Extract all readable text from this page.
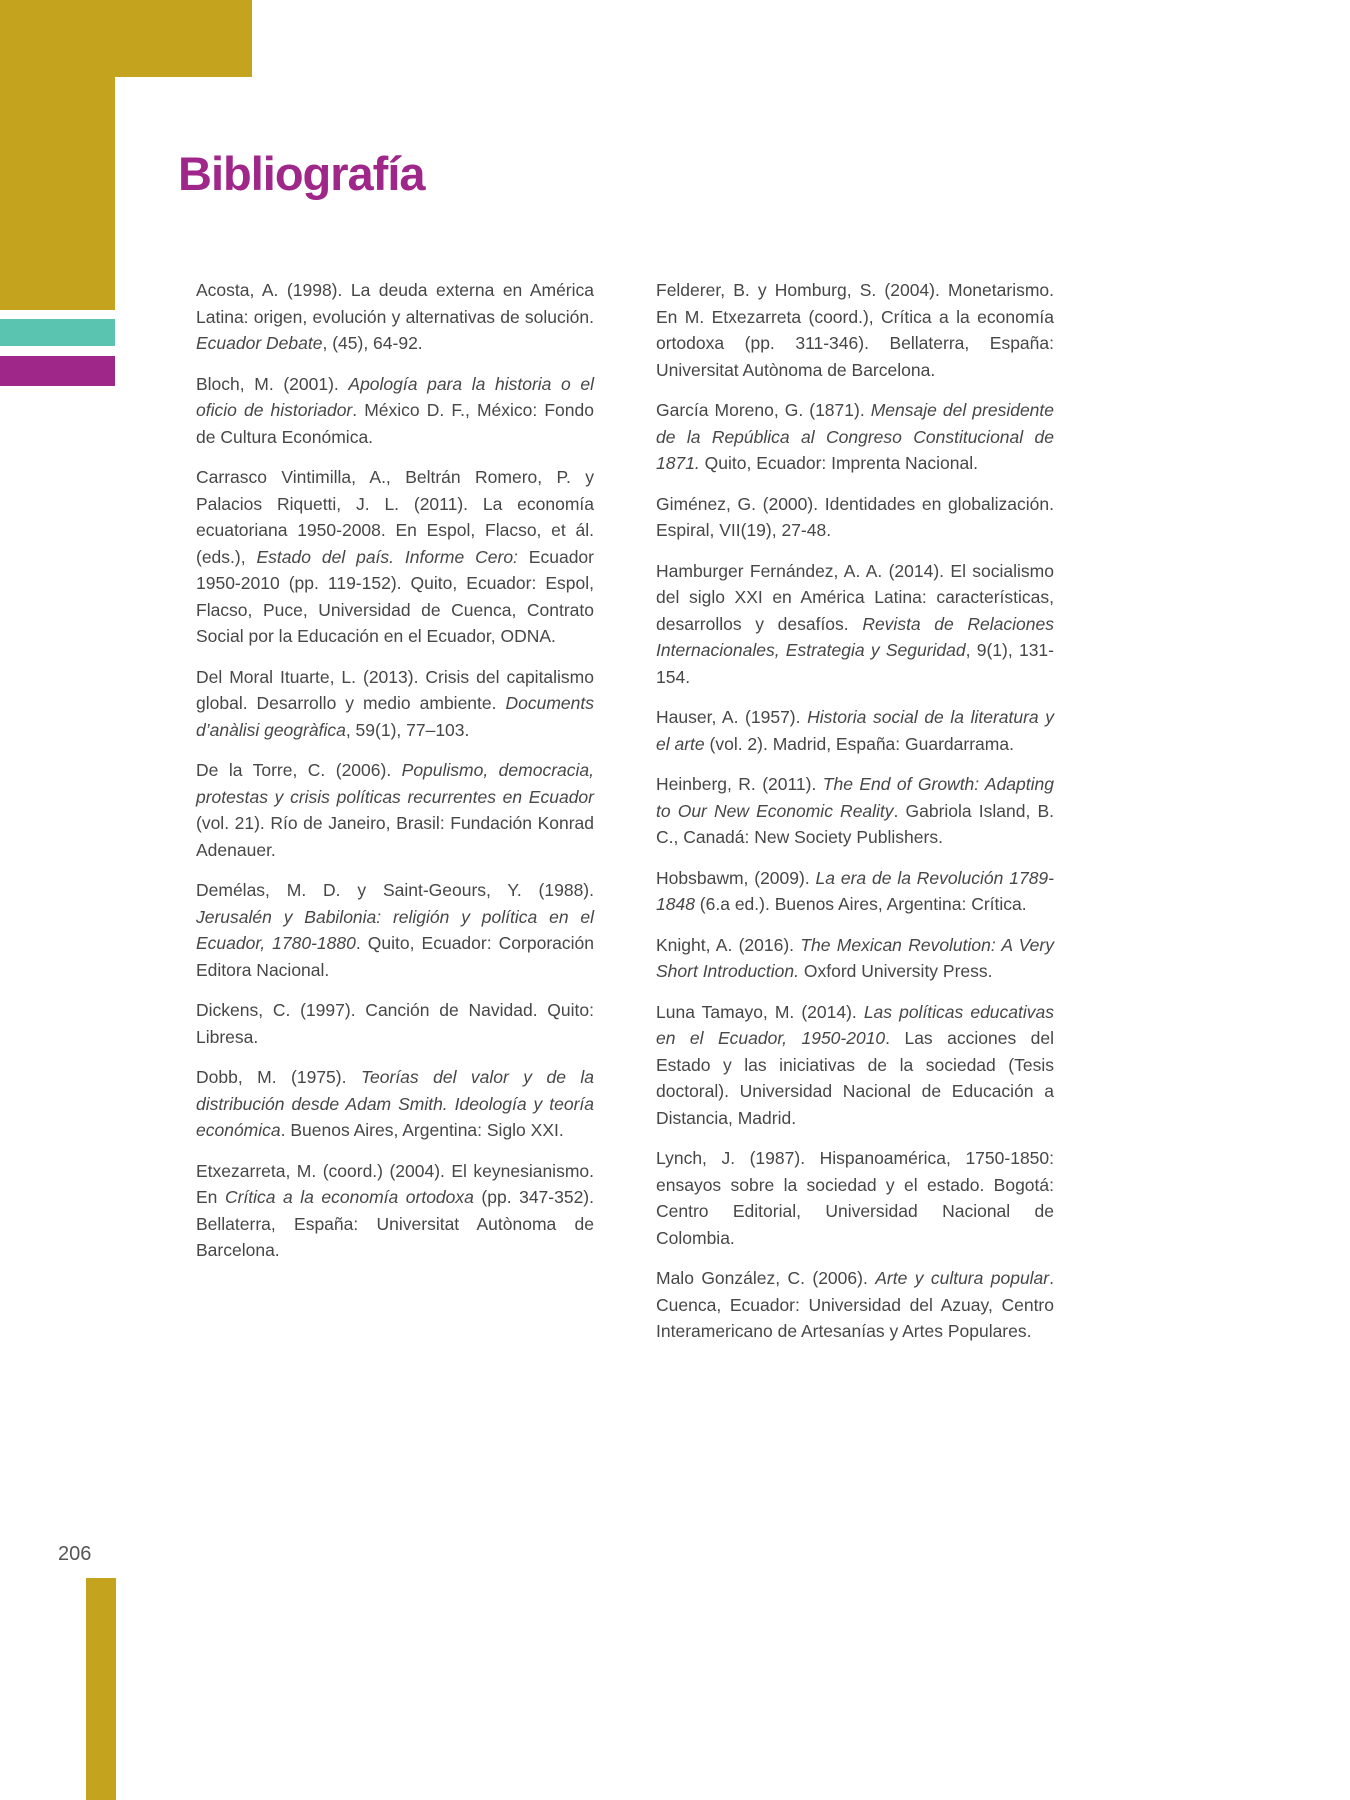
Bibliografía

Acosta, A. (1998). La deuda externa en América Latina: origen, evolución y alternativas de solución. Ecuador Debate, (45), 64-92.

Bloch, M. (2001). Apología para la historia o el oficio de historiador. México D. F., México: Fondo de Cultura Económica.

Carrasco Vintimilla, A., Beltrán Romero, P. y Palacios Riquetti, J. L. (2011). La economía ecuatoriana 1950-2008. En Espol, Flacso, et ál. (eds.), Estado del país. Informe Cero: Ecuador 1950-2010 (pp. 119-152). Quito, Ecuador: Espol, Flacso, Puce, Universidad de Cuenca, Contrato Social por la Educación en el Ecuador, ODNA.

Del Moral Ituarte, L. (2013). Crisis del capitalismo global. Desarrollo y medio ambiente. Documents d’anàlisi geogràfica, 59(1), 77–103.

De la Torre, C. (2006). Populismo, democracia, protestas y crisis políticas recurrentes en Ecuador (vol. 21). Río de Janeiro, Brasil: Fundación Konrad Adenauer.

Demélas, M. D. y Saint-Geours, Y. (1988). Jerusalén y Babilonia: religión y política en el Ecuador, 1780-1880. Quito, Ecuador: Corporación Editora Nacional.

Dickens, C. (1997). Canción de Navidad. Quito: Libresa.

Dobb, M. (1975). Teorías del valor y de la distribución desde Adam Smith. Ideología y teoría económica. Buenos Aires, Argentina: Siglo XXI.

Etxezarreta, M. (coord.) (2004). El keynesianismo. En Crítica a la economía ortodoxa (pp. 347-352). Bellaterra, España: Universitat Autònoma de Barcelona.

Felderer, B. y Homburg, S. (2004). Monetarismo. En M. Etxezarreta (coord.), Crítica a la economía ortodoxa (pp. 311-346). Bellaterra, España: Universitat Autònoma de Barcelona.

García Moreno, G. (1871). Mensaje del presidente de la República al Congreso Constitucional de 1871. Quito, Ecuador: Imprenta Nacional.

Giménez, G. (2000). Identidades en globalización. Espiral, VII(19), 27-48.

Hamburger Fernández, A. A. (2014). El socialismo del siglo XXI en América Latina: características, desarrollos y desafíos. Revista de Relaciones Internacionales, Estrategia y Seguridad, 9(1), 131-154.

Hauser, A. (1957). Historia social de la literatura y el arte (vol. 2). Madrid, España: Guardarrama.

Heinberg, R. (2011). The End of Growth: Adapting to Our New Economic Reality. Gabriola Island, B. C., Canadá: New Society Publishers.

Hobsbawm, (2009). La era de la Revolución 1789-1848 (6.a ed.). Buenos Aires, Argentina: Crítica.

Knight, A. (2016). The Mexican Revolution: A Very Short Introduction. Oxford University Press.

Luna Tamayo, M. (2014). Las políticas educativas en el Ecuador, 1950-2010. Las acciones del Estado y las iniciativas de la sociedad (Tesis doctoral). Universidad Nacional de Educación a Distancia, Madrid.

Lynch, J. (1987). Hispanoamérica, 1750-1850: ensayos sobre la sociedad y el estado. Bogotá: Centro Editorial, Universidad Nacional de Colombia.

Malo González, C. (2006). Arte y cultura popular. Cuenca, Ecuador: Universidad del Azuay, Centro Interamericano de Artesanías y Artes Populares.

206
